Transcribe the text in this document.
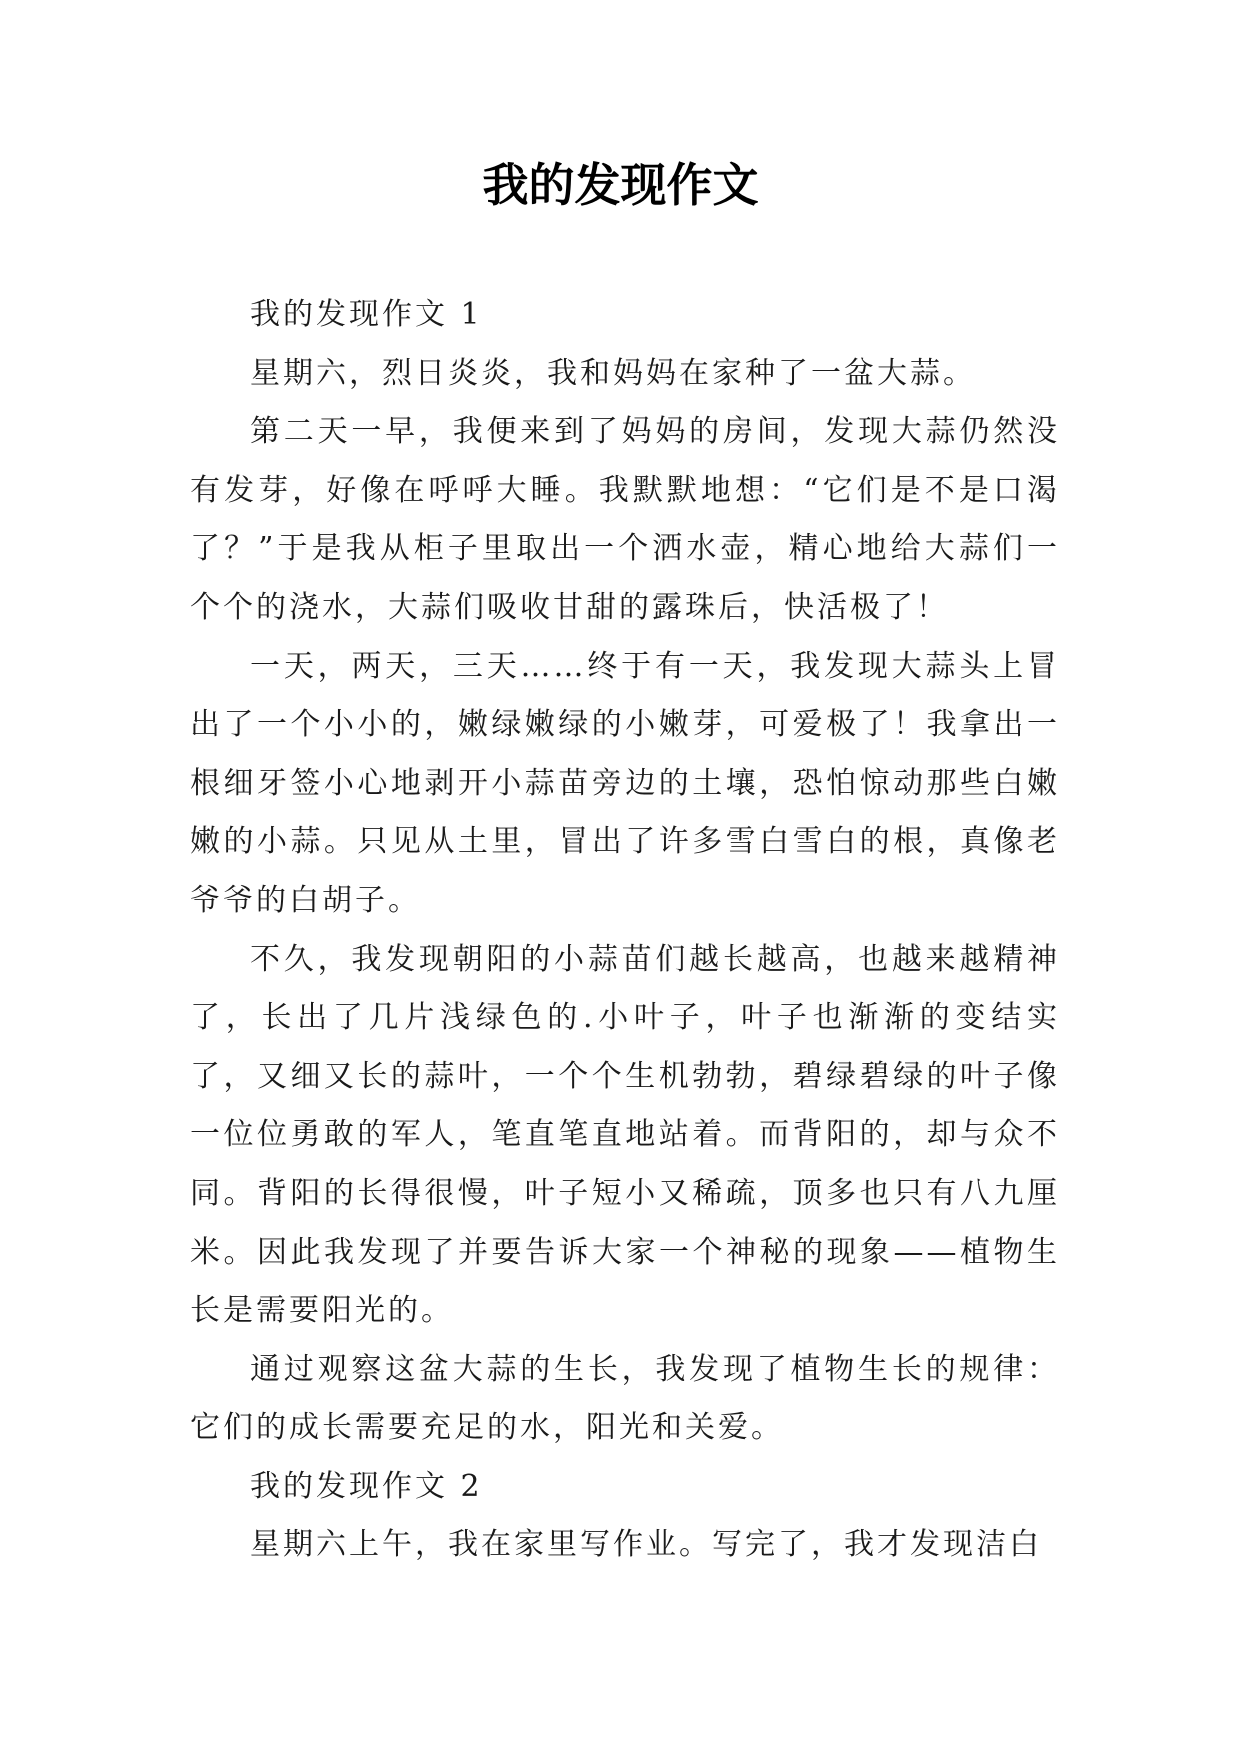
我的发现作文

我的发现作文 1

星期六，烈日炎炎，我和妈妈在家种了一盆大蒜。

第二天一早，我便来到了妈妈的房间，发现大蒜仍然没有发芽，好像在呼呼大睡。我默默地想：“它们是不是口渴了？”于是我从柜子里取出一个洒水壶，精心地给大蒜们一个个的浇水，大蒜们吸收甘甜的露珠后，快活极了！

一天，两天，三天……终于有一天，我发现大蒜头上冒出了一个小小的，嫩绿嫩绿的小嫩芽，可爱极了！我拿出一根细牙签小心地剥开小蒜苗旁边的土壤，恐怕惊动那些白嫩嫩的小蒜。只见从土里，冒出了许多雪白雪白的根，真像老爷爷的白胡子。

不久，我发现朝阳的小蒜苗们越长越高，也越来越精神了，长出了几片浅绿色的.小叶子，叶子也渐渐的变结实了，又细又长的蒜叶，一个个生机勃勃，碧绿碧绿的叶子像一位位勇敢的军人，笔直笔直地站着。而背阳的，却与众不同。背阳的长得很慢，叶子短小又稀疏，顶多也只有八九厘米。因此我发现了并要告诉大家一个神秘的现象——植物生长是需要阳光的。

通过观察这盆大蒜的生长，我发现了植物生长的规律：它们的成长需要充足的水，阳光和关爱。

我的发现作文 2

星期六上午，我在家里写作业。写完了，我才发现洁白
